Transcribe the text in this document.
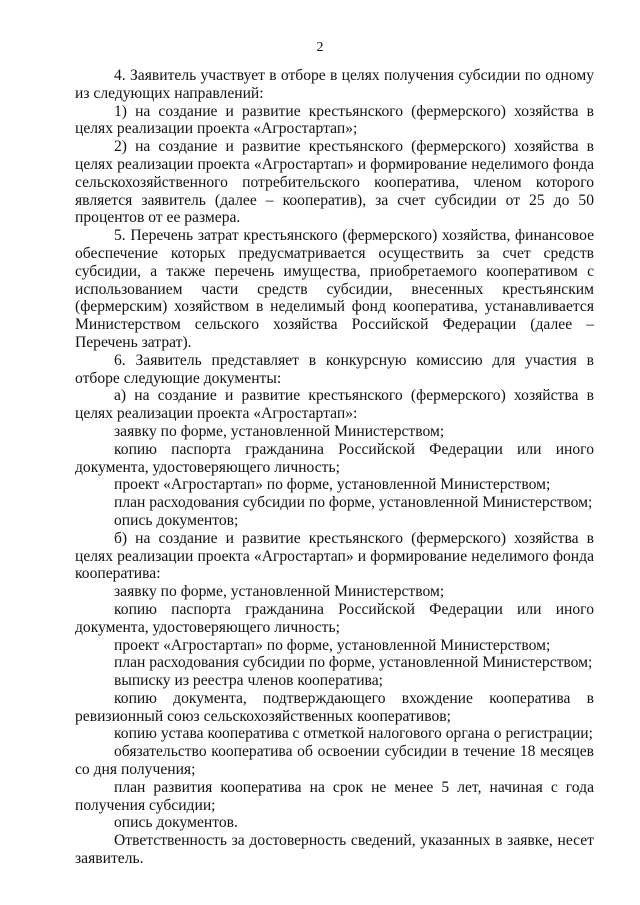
2

4. Заявитель участвует в отборе в целях получения субсидии по одному из следующих направлений:

1) на создание и развитие крестьянского (фермерского) хозяйства в целях реализации проекта «Агростартап»;

2) на создание и развитие крестьянского (фермерского) хозяйства в целях реализации проекта «Агростартап» и формирование неделимого фонда сельскохозяйственного потребительского кооператива, членом которого является заявитель (далее – кооператив), за счет субсидии от 25 до 50 процентов от ее размера.

5. Перечень затрат крестьянского (фермерского) хозяйства, финансовое обеспечение которых предусматривается осуществить за счет средств субсидии, а также перечень имущества, приобретаемого кооперативом с использованием части средств субсидии, внесенных крестьянским (фермерским) хозяйством в неделимый фонд кооператива, устанавливается Министерством сельского хозяйства Российской Федерации (далее – Перечень затрат).

6. Заявитель представляет в конкурсную комиссию для участия в отборе следующие документы:

а) на создание и развитие крестьянского (фермерского) хозяйства в целях реализации проекта «Агростартап»:

заявку по форме, установленной Министерством;

копию паспорта гражданина Российской Федерации или иного документа, удостоверяющего личность;

проект «Агростартап» по форме, установленной Министерством;

план расходования субсидии по форме, установленной Министерством;

опись документов;

б) на создание и развитие крестьянского (фермерского) хозяйства в целях реализации проекта «Агростартап» и формирование неделимого фонда кооператива:

заявку по форме, установленной Министерством;

копию паспорта гражданина Российской Федерации или иного документа, удостоверяющего личность;

проект «Агростартап» по форме, установленной Министерством;

план расходования субсидии по форме, установленной Министерством;

выписку из реестра членов кооператива;

копию документа, подтверждающего вхождение кооператива в ревизионный союз сельскохозяйственных кооперативов;

копию устава кооператива с отметкой налогового органа о регистрации;

обязательство кооператива об освоении субсидии в течение 18 месяцев со дня получения;

план развития кооператива на срок не менее 5 лет, начиная с года получения субсидии;

опись документов.

Ответственность за достоверность сведений, указанных в заявке, несет заявитель.
